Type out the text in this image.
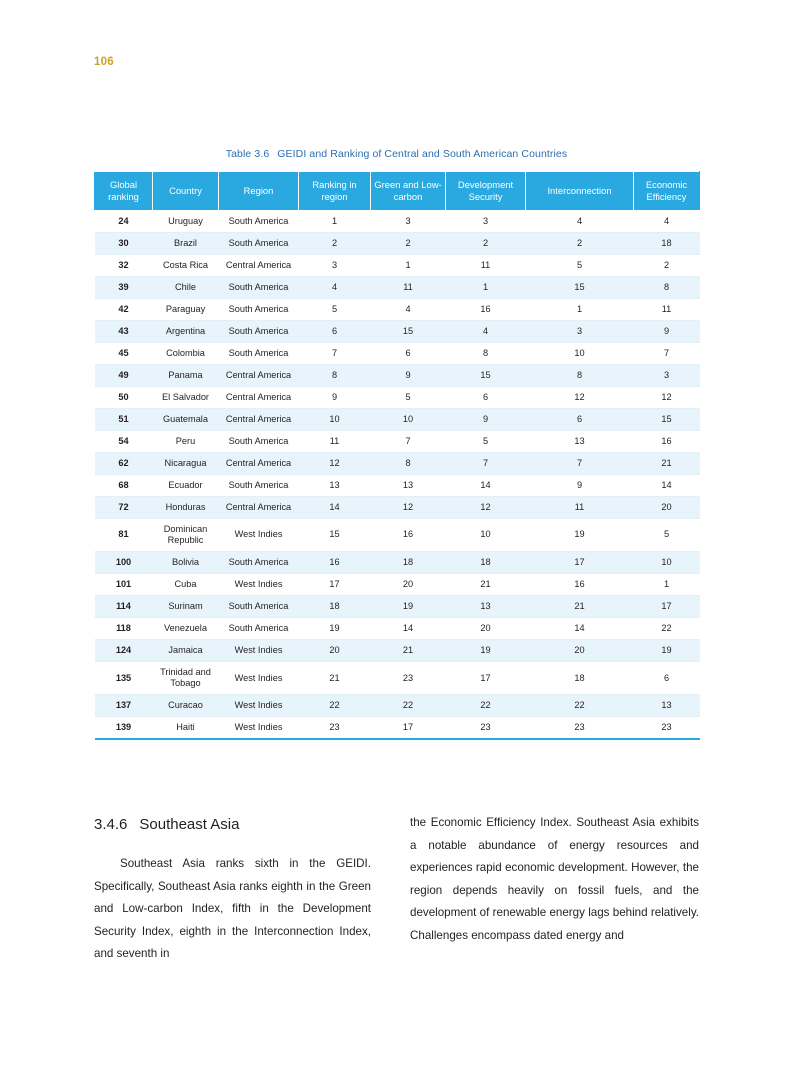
106
Table 3.6 GEIDI and Ranking of Central and South American Countries
Global ranking	Country	Region	Ranking in region	Green and Low-carbon	Development Security	Interconnection	Economic Efficiency
24	Uruguay	South America	1	3	3	4	4
30	Brazil	South America	2	2	2	2	18
32	Costa Rica	Central America	3	1	11	5	2
39	Chile	South America	4	11	1	15	8
42	Paraguay	South America	5	4	16	1	11
43	Argentina	South America	6	15	4	3	9
45	Colombia	South America	7	6	8	10	7
49	Panama	Central America	8	9	15	8	3
50	El Salvador	Central America	9	5	6	12	12
51	Guatemala	Central America	10	10	9	6	15
54	Peru	South America	11	7	5	13	16
62	Nicaragua	Central America	12	8	7	7	21
68	Ecuador	South America	13	13	14	9	14
72	Honduras	Central America	14	12	12	11	20
81	Dominican Republic	West Indies	15	16	10	19	5
100	Bolivia	South America	16	18	18	17	10
101	Cuba	West Indies	17	20	21	16	1
114	Surinam	South America	18	19	13	21	17
118	Venezuela	South America	19	14	20	14	22
124	Jamaica	West Indies	20	21	19	20	19
135	Trinidad and Tobago	West Indies	21	23	17	18	6
137	Curacao	West Indies	22	22	22	22	13
139	Haiti	West Indies	23	17	23	23	23
3.4.6 Southeast Asia

Southeast Asia ranks sixth in the GEIDI. Specifically, Southeast Asia ranks eighth in the Green and Low-carbon Index, fifth in the Development Security Index, eighth in the Interconnection Index, and seventh in

the Economic Efficiency Index. Southeast Asia exhibits a notable abundance of energy resources and experiences rapid economic development. However, the region depends heavily on fossil fuels, and the development of renewable energy lags behind relatively. Challenges encompass dated energy and
